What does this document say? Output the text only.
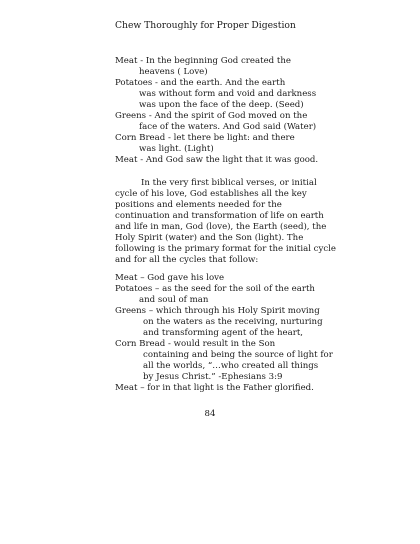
Chew Thoroughly for Proper Digestion
Meat - In the beginning God created the
heavens ( Love)
Potatoes - and the earth. And the earth
was without form and void and darkness
was upon the face of the deep. (Seed)
Greens - And the spirit of God moved on the
face of the waters. And God said (Water)
Corn Bread - let there be light: and there
was light. (Light)
Meat - And God saw the light that it was good.
In the very first biblical verses, or initial
cycle of his love, God establishes all the key
positions and elements needed for the
continuation and transformation of life on earth
and life in man, God (love), the Earth (seed), the
Holy Spirit (water) and the Son (light). The
following is the primary format for the initial cycle
and for all the cycles that follow:
Meat – God gave his love
Potatoes – as the seed for the soil of the earth
and soul of man
Greens – which through his Holy Spirit moving
on the waters as the receiving, nurturing
and transforming agent of the heart,
Corn Bread - would result in the Son
containing and being the source of light for
all the worlds, “…who created all things
by Jesus Christ.” -Ephesians 3:9
Meat – for in that light is the Father glorified.
84
